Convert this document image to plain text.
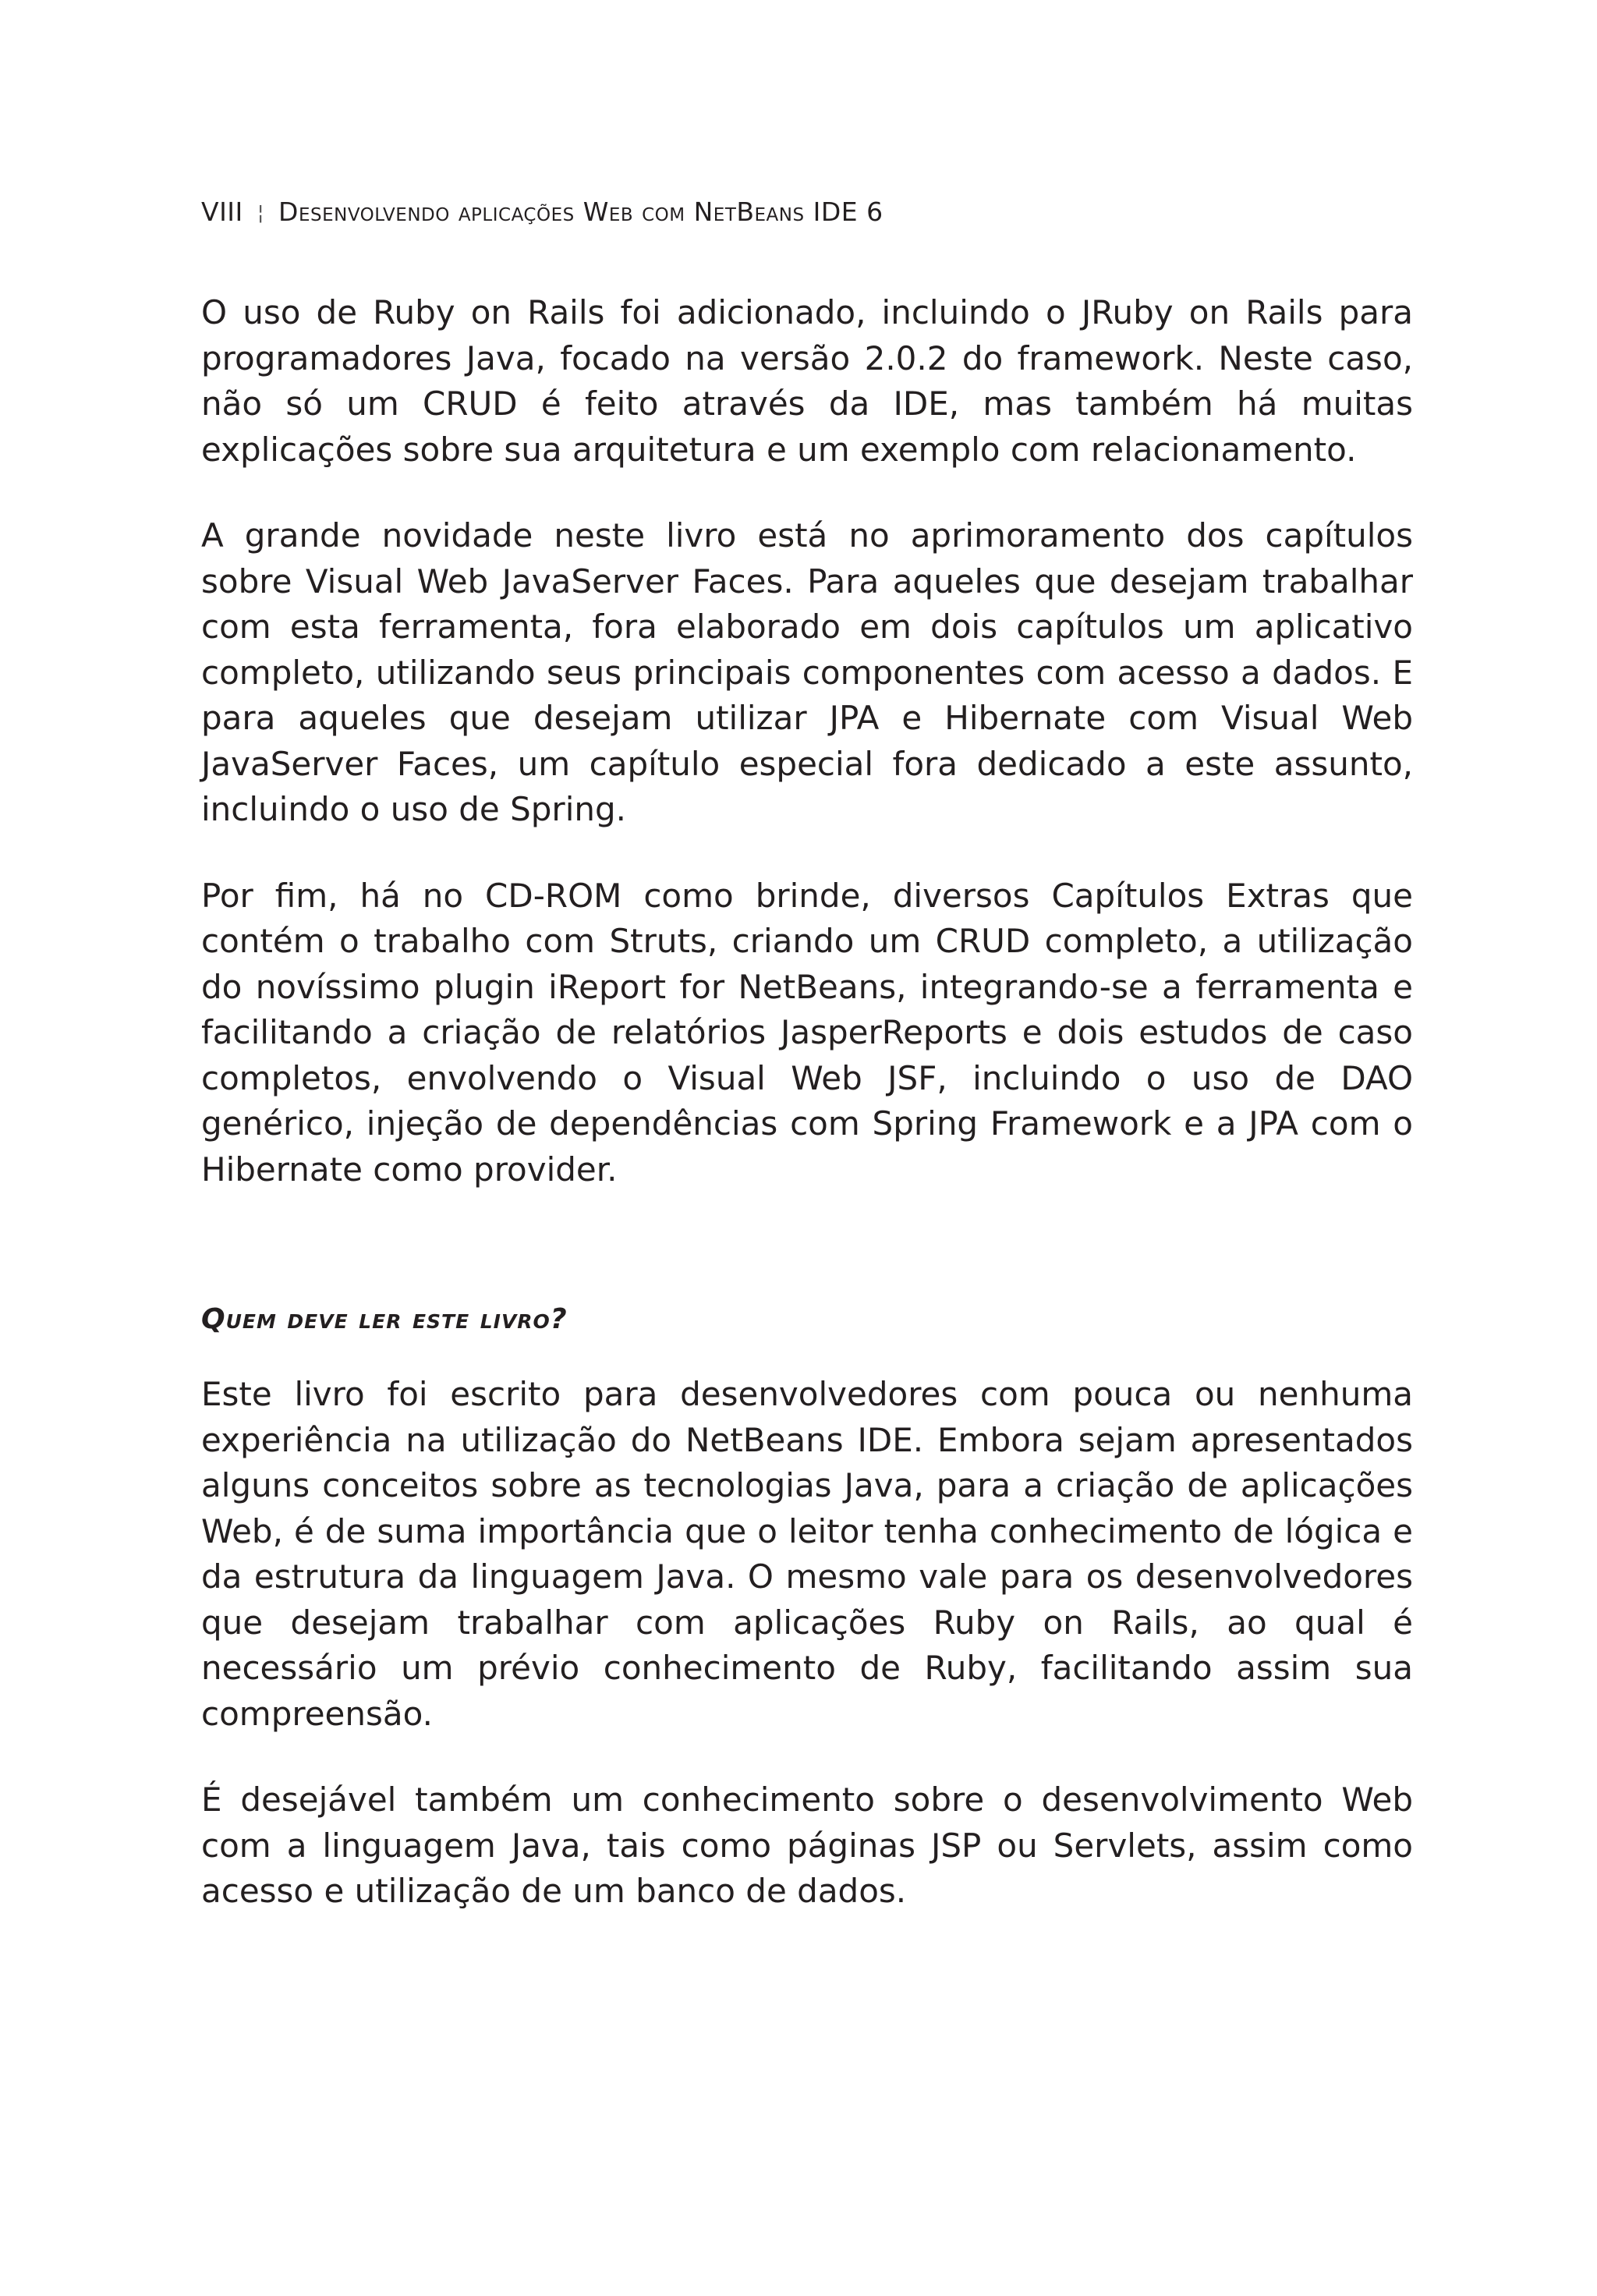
VIII ¦ Desenvolvendo aplicações Web com NetBeans IDE 6

O uso de Ruby on Rails foi adicionado, incluindo o JRuby on Rails para programadores Java, focado na versão 2.0.2 do framework. Neste caso, não só um CRUD é feito através da IDE, mas também há muitas explicações sobre sua arquitetura e um exemplo com relacionamento.

A grande novidade neste livro está no aprimoramento dos capítulos sobre Visual Web JavaServer Faces. Para aqueles que desejam trabalhar com esta ferramenta, fora elaborado em dois capítulos um aplicativo completo, utilizando seus principais componentes com acesso a dados. E para aqueles que desejam utilizar JPA e Hibernate com Visual Web JavaServer Faces, um capítulo especial fora dedicado a este assunto, incluindo o uso de Spring.

Por fim, há no CD-ROM como brinde, diversos Capítulos Extras que contém o trabalho com Struts, criando um CRUD completo, a utilização do novíssimo plugin iReport for NetBeans, integrando-se a ferramenta e facilitando a criação de relatórios JasperReports e dois estudos de caso completos, envolvendo o Visual Web JSF, incluindo o uso de DAO genérico, injeção de dependências com Spring Framework e a JPA com o Hibernate como provider.

Quem deve ler este livro?

Este livro foi escrito para desenvolvedores com pouca ou nenhuma experiência na utilização do NetBeans IDE. Embora sejam apresentados alguns conceitos sobre as tecnologias Java, para a criação de aplicações Web, é de suma importância que o leitor tenha conhecimento de lógica e da estrutura da linguagem Java. O mesmo vale para os desenvolvedores que desejam trabalhar com aplicações Ruby on Rails, ao qual é necessário um prévio conhecimento de Ruby, facilitando assim sua compreensão.

É desejável também um conhecimento sobre o desenvolvimento Web com a linguagem Java, tais como páginas JSP ou Servlets, assim como acesso e utilização de um banco de dados.
